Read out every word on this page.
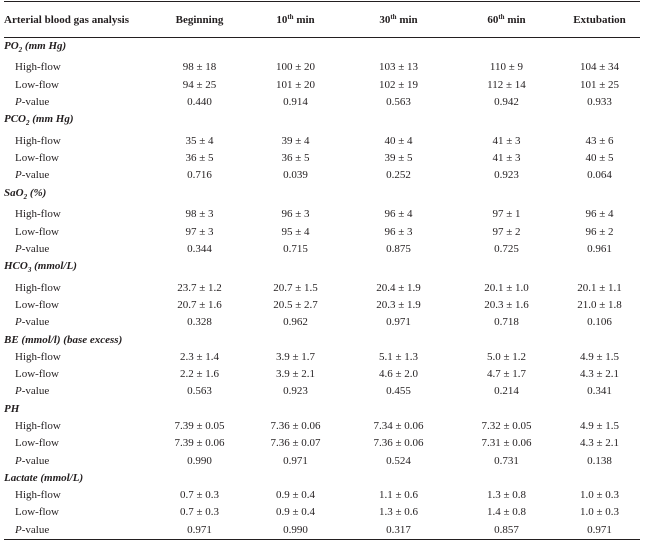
Arterial blood gas analysis	Beginning	10th min	30th min	60th min	Extubation
$PO_2$ (mm Hg)					
High-flow	98 ± 18	100 ± 20	103 ± 13	110 ± 9	104 ± 34
Low-flow	94 ± 25	101 ± 20	102 ± 19	112 ± 14	101 ± 25
P-value	0.440	0.914	0.563	0.942	0.933
$PCO_2$ (mm Hg)					
High-flow	35 ± 4	39 ± 4	40 ± 4	41 ± 3	43 ± 6
Low-flow	36 ± 5	36 ± 5	39 ± 5	41 ± 3	40 ± 5
P-value	0.716	0.039	0.252	0.923	0.064
SaO$_2$ (%)					
High-flow	98 ± 3	96 ± 3	96 ± 4	97 ± 1	96 ± 4
Low-flow	97 ± 3	95 ± 4	96 ± 3	97 ± 2	96 ± 2
P-value	0.344	0.715	0.875	0.725	0.961
$HCO_3$ (mmol/L)					
High-flow	23.7 ± 1.2	20.7 ± 1.5	20.4 ± 1.9	20.1 ± 1.0	20.1 ± 1.1
Low-flow	20.7 ± 1.6	20.5 ± 2.7	20.3 ± 1.9	20.3 ± 1.6	21.0 ± 1.8
P-value	0.328	0.962	0.971	0.718	0.106
BE (mmol/l) (base excess)					
High-flow	2.3 ± 1.4	3.9 ± 1.7	5.1 ± 1.3	5.0 ± 1.2	4.9 ± 1.5
Low-flow	2.2 ± 1.6	3.9 ± 2.1	4.6 ± 2.0	4.7 ± 1.7	4.3 ± 2.1
P-value	0.563	0.923	0.455	0.214	0.341
PH					
High-flow	7.39 ± 0.05	7.36 ± 0.06	7.34 ± 0.06	7.32 ± 0.05	4.9 ± 1.5
Low-flow	7.39 ± 0.06	7.36 ± 0.07	7.36 ± 0.06	7.31 ± 0.06	4.3 ± 2.1
P-value	0.990	0.971	0.524	0.731	0.138
Lactate (mmol/L)					
High-flow	0.7 ± 0.3	0.9 ± 0.4	1.1 ± 0.6	1.3 ± 0.8	1.0 ± 0.3
Low-flow	0.7 ± 0.3	0.9 ± 0.4	1.3 ± 0.6	1.4 ± 0.8	1.0 ± 0.3
P-value	0.971	0.990	0.317	0.857	0.971
